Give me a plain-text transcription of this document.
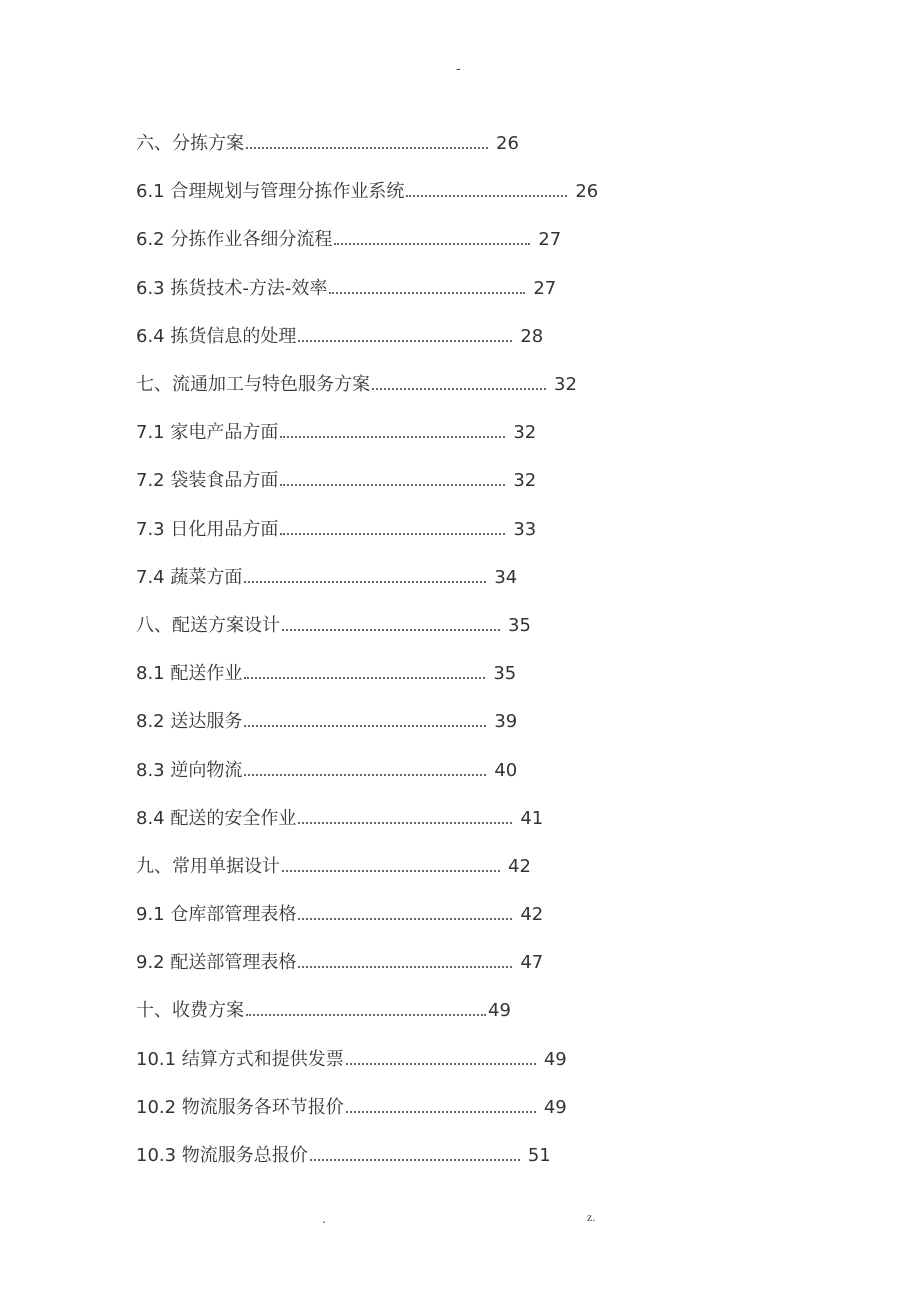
-
六、分拣方案	26
6.1 合理规划与管理分拣作业系统	26
6.2 分拣作业各细分流程	27
6.3 拣货技术-方法-效率	27
6.4 拣货信息的处理	28
七、流通加工与特色服务方案	32
7.1 家电产品方面	32
7.2 袋装食品方面	32
7.3 日化用品方面	33
7.4 蔬菜方面	34
八、配送方案设计	35
8.1 配送作业	35
8.2 送达服务	39
8.3 逆向物流	40
8.4 配送的安全作业	41
九、常用单据设计	42
9.1 仓库部管理表格	42
9.2 配送部管理表格	47
十、收费方案	49
10.1 结算方式和提供发票	49
10.2 物流服务各环节报价	49
10.3 物流服务总报价	51
.	z.
